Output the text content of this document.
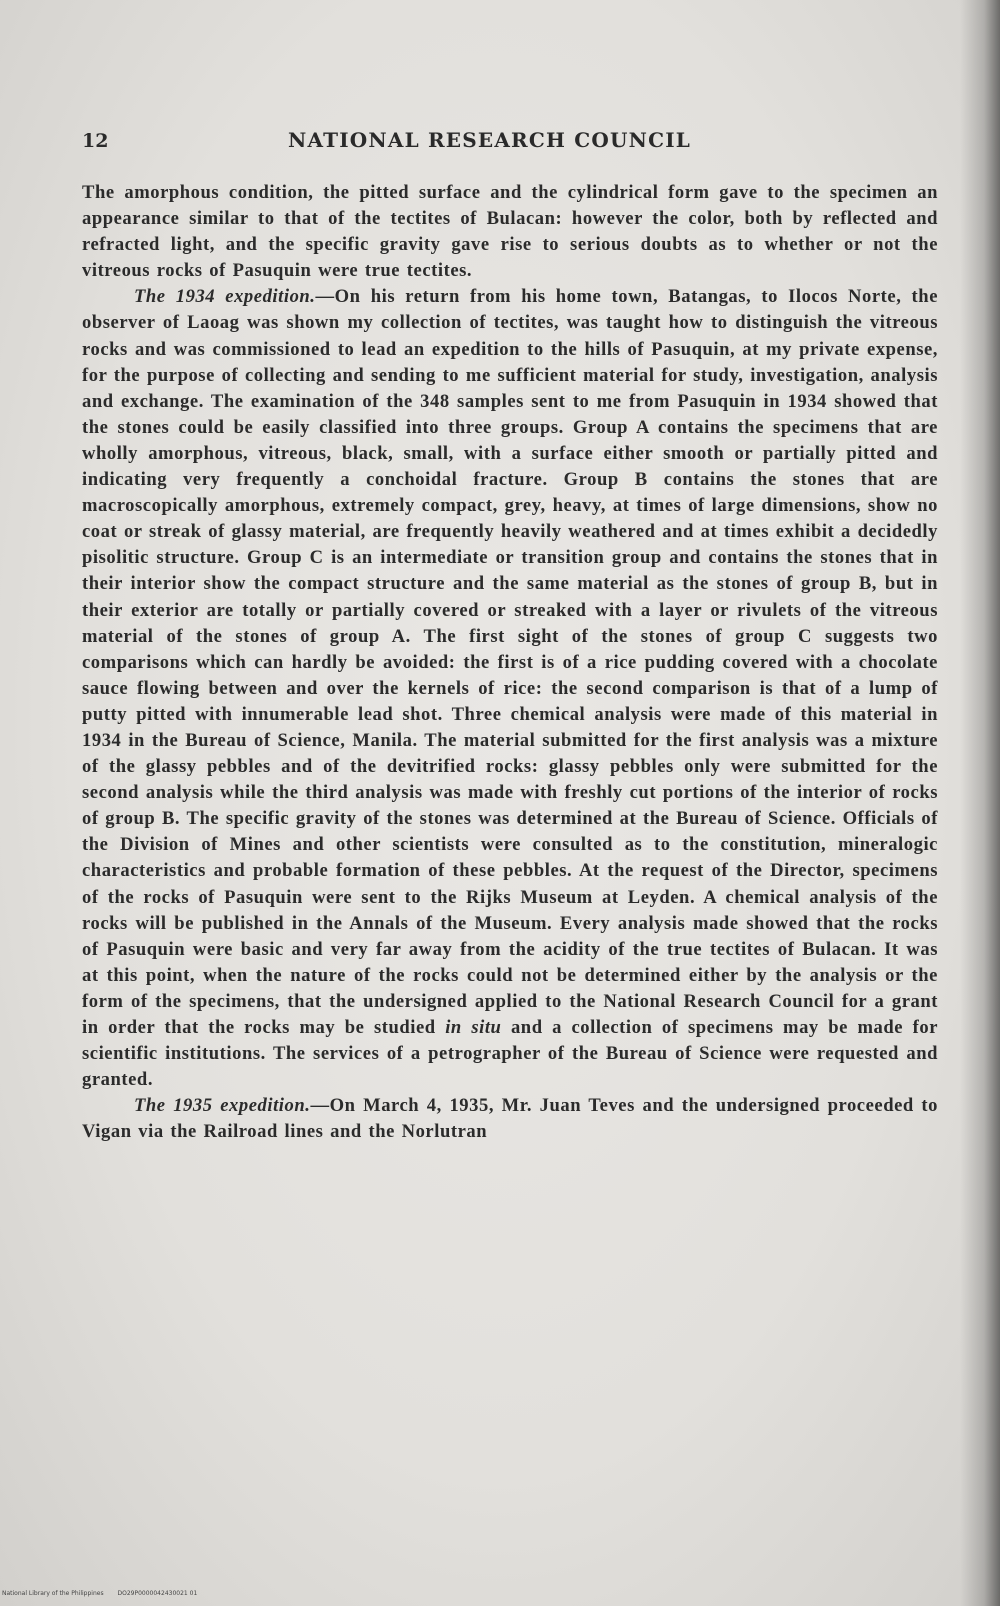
12	NATIONAL RESEARCH COUNCIL

The amorphous condition, the pitted surface and the cylindrical form gave to the specimen an appearance similar to that of the tectites of Bulacan: however the color, both by reflected and refracted light, and the specific gravity gave rise to serious doubts as to whether or not the vitreous rocks of Pasuquin were true tectites.

The 1934 expedition.—On his return from his home town, Batangas, to Ilocos Norte, the observer of Laoag was shown my collection of tectites, was taught how to distinguish the vitreous rocks and was commissioned to lead an expedition to the hills of Pasuquin, at my private expense, for the purpose of collecting and sending to me sufficient material for study, investigation, analysis and exchange. The examination of the 348 samples sent to me from Pasuquin in 1934 showed that the stones could be easily classified into three groups. Group A contains the specimens that are wholly amorphous, vitreous, black, small, with a surface either smooth or partially pitted and indicating very frequently a conchoidal fracture. Group B contains the stones that are macroscopically amorphous, extremely compact, grey, heavy, at times of large dimensions, show no coat or streak of glassy material, are frequently heavily weathered and at times exhibit a decidedly pisolitic structure. Group C is an intermediate or transition group and contains the stones that in their interior show the compact structure and the same material as the stones of group B, but in their exterior are totally or partially covered or streaked with a layer or rivulets of the vitreous material of the stones of group A. The first sight of the stones of group C suggests two comparisons which can hardly be avoided: the first is of a rice pudding covered with a chocolate sauce flowing between and over the kernels of rice: the second comparison is that of a lump of putty pitted with innumerable lead shot. Three chemical analysis were made of this material in 1934 in the Bureau of Science, Manila. The material submitted for the first analysis was a mixture of the glassy pebbles and of the devitrified rocks: glassy pebbles only were submitted for the second analysis while the third analysis was made with freshly cut portions of the interior of rocks of group B. The specific gravity of the stones was determined at the Bureau of Science. Officials of the Division of Mines and other scientists were consulted as to the constitution, mineralogic characteristics and probable formation of these pebbles. At the request of the Director, specimens of the rocks of Pasuquin were sent to the Rijks Museum at Leyden. A chemical analysis of the rocks will be published in the Annals of the Museum. Every analysis made showed that the rocks of Pasuquin were basic and very far away from the acidity of the true tectites of Bulacan. It was at this point, when the nature of the rocks could not be determined either by the analysis or the form of the specimens, that the undersigned applied to the National Research Council for a grant in order that the rocks may be studied in situ and a collection of specimens may be made for scientific institutions. The services of a petrographer of the Bureau of Science were requested and granted.

The 1935 expedition.—On March 4, 1935, Mr. Juan Teves and the undersigned proceeded to Vigan via the Railroad lines and the Norlutran

National Library of the Philippines DO29P0000042430021 01
